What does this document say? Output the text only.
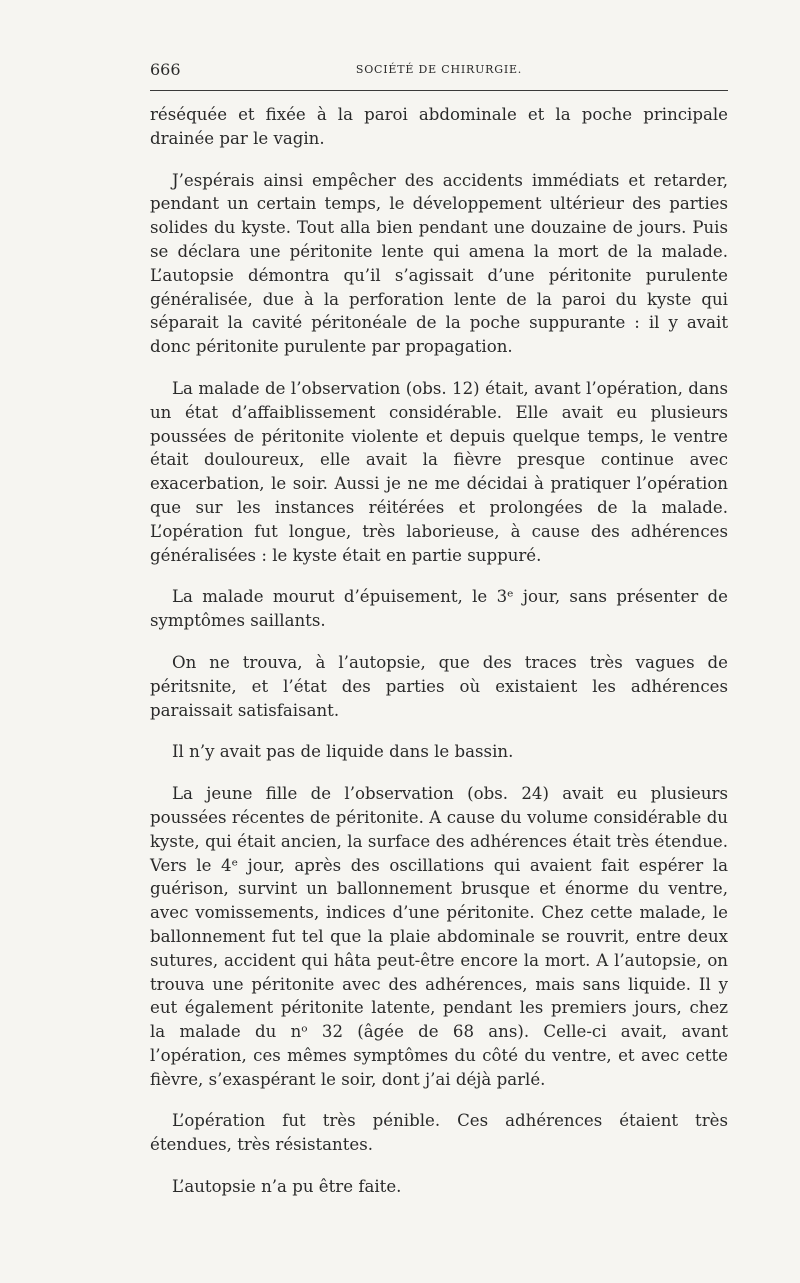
666	SOCIÉTÉ DE CHIRURGIE.

réséquée et fixée à la paroi abdominale et la poche principale drainée par le vagin.

J’espérais ainsi empêcher des accidents immédiats et retarder, pendant un certain temps, le développement ultérieur des parties solides du kyste. Tout alla bien pendant une douzaine de jours. Puis se déclara une péritonite lente qui amena la mort de la malade. L’autopsie démontra qu’il s’agissait d’une péritonite purulente généralisée, due à la perforation lente de la paroi du kyste qui séparait la cavité péritonéale de la poche suppurante : il y avait donc péritonite purulente par propagation.

La malade de l’observation (obs. 12) était, avant l’opération, dans un état d’affaiblissement considérable. Elle avait eu plusieurs poussées de péritonite violente et depuis quelque temps, le ventre était douloureux, elle avait la fièvre presque continue avec exacerbation, le soir. Aussi je ne me décidai à pratiquer l’opération que sur les instances réitérées et prolongées de la malade. L’opération fut longue, très laborieuse, à cause des adhérences généralisées : le kyste était en partie suppuré.

La malade mourut d’épuisement, le 3ᵉ jour, sans présenter de symptômes saillants.

On ne trouva, à l’autopsie, que des traces très vagues de péritsnite, et l’état des parties où existaient les adhérences paraissait satisfaisant.

Il n’y avait pas de liquide dans le bassin.

La jeune fille de l’observation (obs. 24) avait eu plusieurs poussées récentes de péritonite. A cause du volume considérable du kyste, qui était ancien, la surface des adhérences était très étendue. Vers le 4ᵉ jour, après des oscillations qui avaient fait espérer la guérison, survint un ballonnement brusque et énorme du ventre, avec vomissements, indices d’une péritonite. Chez cette malade, le ballonnement fut tel que la plaie abdominale se rouvrit, entre deux sutures, accident qui hâta peut-être encore la mort. A l’autopsie, on trouva une péritonite avec des adhérences, mais sans liquide. Il y eut également péritonite latente, pendant les premiers jours, chez la malade du nᵒ 32 (âgée de 68 ans). Celle-ci avait, avant l’opération, ces mêmes symptômes du côté du ventre, et avec cette fièvre, s’exaspérant le soir, dont j’ai déjà parlé.

L’opération fut très pénible. Ces adhérences étaient très étendues, très résistantes.

L’autopsie n’a pu être faite.
